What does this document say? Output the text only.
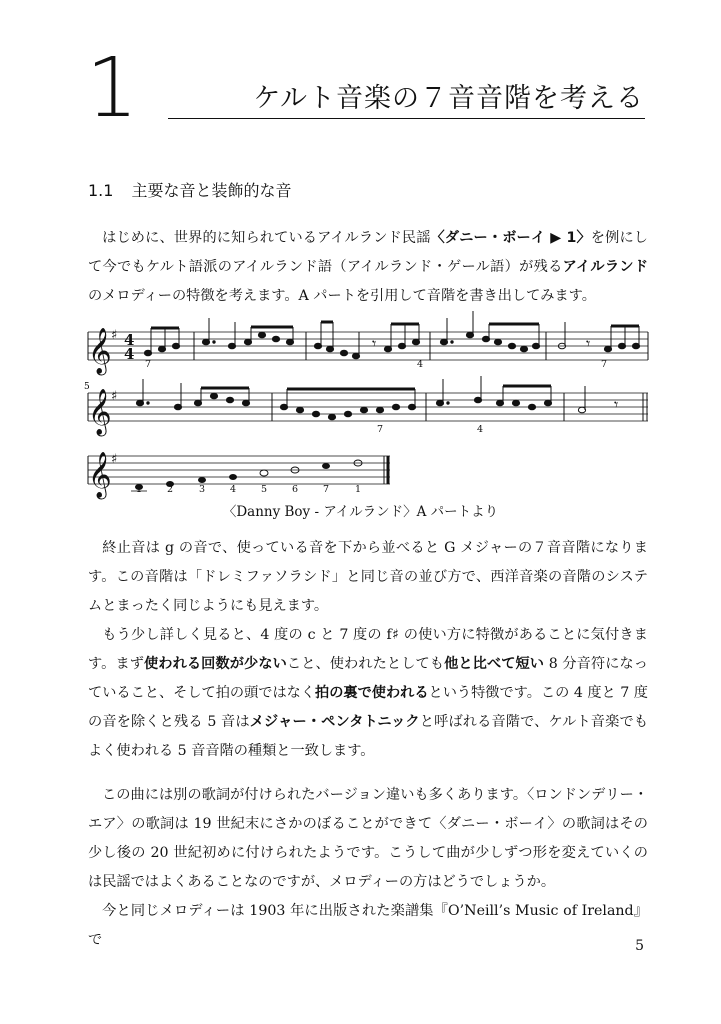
1	ケルト音楽の７音音階を考える
1.1 主要な音と装飾的な音

はじめに、世界的に知られているアイルランド民謡〈ダニー・ボーイ ▶ 1〉を例にして今でもケルト語派のアイルランド語（アイルランド・ゲール語）が残るアイルランドのメロディーの特徴を考えます。A パートを引用して音階を書き出してみます。

𝄞
𝄞
𝄞
♯
♯
♯
4
4
5
𝄾	𝄾
𝄾
7	4	7
7	4
1	2	3	4	5	6	7	1
〈Danny Boy - アイルランド〉A パートより

終止音は g の音で、使っている音を下から並べると G メジャーの７音音階になります。この音階は「ドレミファソラシド」と同じ音の並び方で、西洋音楽の音階のシステムとまったく同じようにも見えます。

もう少し詳しく見ると、4 度の c と 7 度の f♯ の使い方に特徴があることに気付きます。まず使われる回数が少ないこと、使われたとしても他と比べて短い 8 分音符になっていること、そして拍の頭ではなく拍の裏で使われるという特徴です。この 4 度と 7 度の音を除くと残る 5 音はメジャー・ペンタトニックと呼ばれる音階で、ケルト音楽でもよく使われる 5 音音階の種類と一致します。

この曲には別の歌詞が付けられたバージョン違いも多くあります。〈ロンドンデリー・エア〉の歌詞は 19 世紀末にさかのぼることができて〈ダニー・ボーイ〉の歌詞はその少し後の 20 世紀初めに付けられたようです。こうして曲が少しずつ形を変えていくのは民謡ではよくあることなのですが、メロディーの方はどうでしょうか。

今と同じメロディーは 1903 年に出版された楽譜集『O’Neill’s Music of Ireland』で	5
